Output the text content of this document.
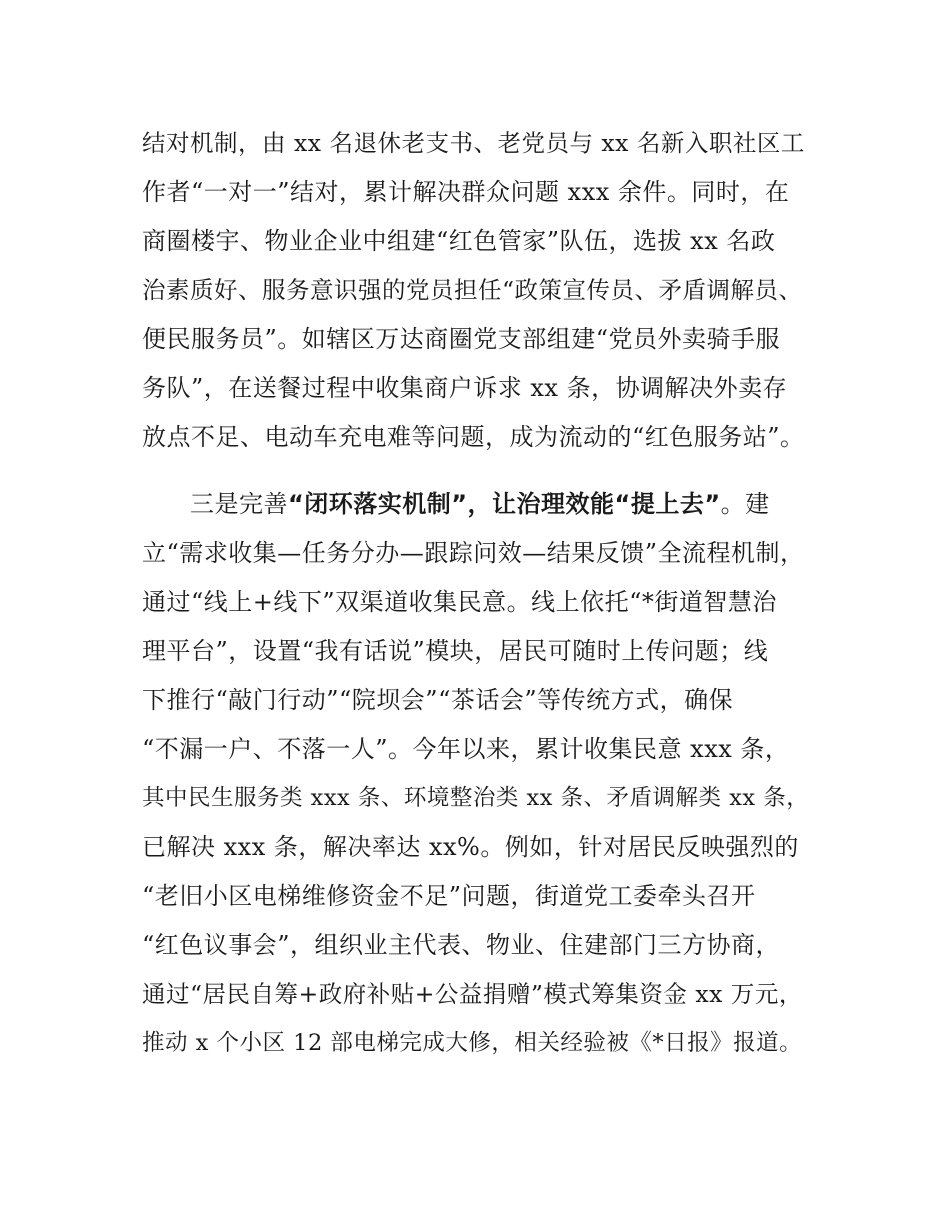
结对机制，由 xx 名退休老支书、老党员与 xx 名新入职社区工
作者“一对一”结对，累计解决群众问题 xxx 余件。同时，在
商圈楼宇、物业企业中组建“红色管家”队伍，选拔 xx 名政
治素质好、服务意识强的党员担任“政策宣传员、矛盾调解员、
便民服务员”。如辖区万达商圈党支部组建“党员外卖骑手服
务队”，在送餐过程中收集商户诉求 xx 条，协调解决外卖存
放点不足、电动车充电难等问题，成为流动的“红色服务站”。
三是完善“闭环落实机制”，让治理效能“提上去”。建
立“需求收集—任务分办—跟踪问效—结果反馈”全流程机制，
通过“线上+线下”双渠道收集民意。线上依托“*街道智慧治
理平台”，设置“我有话说”模块，居民可随时上传问题；线
下推行“敲门行动”“院坝会”“茶话会”等传统方式，确保
“不漏一户、不落一人”。今年以来，累计收集民意 xxx 条，
其中民生服务类 xxx 条、环境整治类 xx 条、矛盾调解类 xx 条，
已解决 xxx 条，解决率达 xx%。例如，针对居民反映强烈的
“老旧小区电梯维修资金不足”问题，街道党工委牵头召开
“红色议事会”，组织业主代表、物业、住建部门三方协商，
通过“居民自筹+政府补贴+公益捐赠”模式筹集资金 xx 万元，
推动 x 个小区 12 部电梯完成大修，相关经验被《*日报》报道。
